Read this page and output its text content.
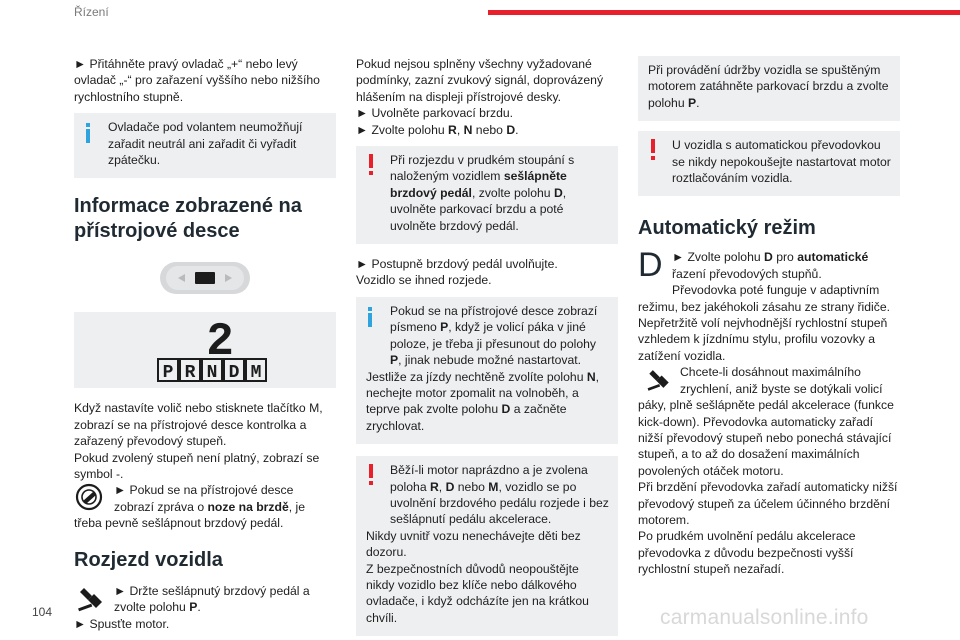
Řízení
104	carmanualsonline.info

► Přitáhněte pravý ovladač „+“ nebo levý ovladač „-“ pro zařazení vyššího nebo nižšího rychlostního stupně.

Ovladače pod volantem neumožňují zařadit neutrál ani zařadit či vyřadit zpátečku.

Informace zobrazené na přístrojové desce
2
P R N D M

Když nastavíte volič nebo stisknete tlačítko M, zobrazí se na přístrojové desce kontrolka a zařazený převodový stupeň.

Pokud zvolený stupeň není platný, zobrazí se symbol -.

► Pokud se na přístrojové desce zobrazí zpráva o noze na brzdě, je třeba pevně sešlápnout brzdový pedál.

Rozjezd vozidla

► Držte sešlápnutý brzdový pedál a zvolte polohu P.

► Spusťte motor.

Pokud nejsou splněny všechny vyžadované podmínky, zazní zvukový signál, doprovázený hlášením na displeji přístrojové desky.

► Uvolněte parkovací brzdu.

► Zvolte polohu R, N nebo D.

Při rozjezdu v prudkém stoupání s naloženým vozidlem sešlápněte brzdový pedál, zvolte polohu D, uvolněte parkovací brzdu a poté uvolněte brzdový pedál.

► Postupně brzdový pedál uvolňujte.

Vozidlo se ihned rozjede.

Pokud se na přístrojové desce zobrazí písmeno P, když je volicí páka v jiné poloze, je třeba ji přesunout do polohy P, jinak nebude možné nastartovat.

Jestliže za jízdy nechtěně zvolíte polohu N, nechejte motor zpomalit na volnoběh, a teprve pak zvolte polohu D a začněte zrychlovat.

Běží-li motor naprázdno a je zvolena poloha R, D nebo M, vozidlo se po uvolnění brzdového pedálu rozjede i bez sešlápnutí pedálu akcelerace.

Nikdy uvnitř vozu nenechávejte děti bez dozoru.

Z bezpečnostních důvodů neopouštějte nikdy vozidlo bez klíče nebo dálkového ovladače, i když odcházíte jen na krátkou chvíli.

Při provádění údržby vozidla se spuštěným motorem zatáhněte parkovací brzdu a zvolte polohu P.

U vozidla s automatickou převodovkou se nikdy nepokoušejte nastartovat motor roztlačováním vozidla.

Automatický režim

D ► Zvolte polohu D pro automatické řazení převodových stupňů.

Převodovka poté funguje v adaptivním režimu, bez jakéhokoli zásahu ze strany řidiče.

Nepřetržitě volí nejvhodnější rychlostní stupeň vzhledem k jízdnímu stylu, profilu vozovky a zatížení vozidla.

Chcete-li dosáhnout maximálního zrychlení, aniž byste se dotýkali volicí páky, plně sešlápněte pedál akcelerace (funkce kick-down). Převodovka automaticky zařadí nižší převodový stupeň nebo ponechá stávající stupeň, a to až do dosažení maximálních povolených otáček motoru.

Při brzdění převodovka zařadí automaticky nižší převodový stupeň za účelem účinného brzdění motorem.

Po prudkém uvolnění pedálu akcelerace převodovka z důvodu bezpečnosti vyšší rychlostní stupeň nezařadí.
